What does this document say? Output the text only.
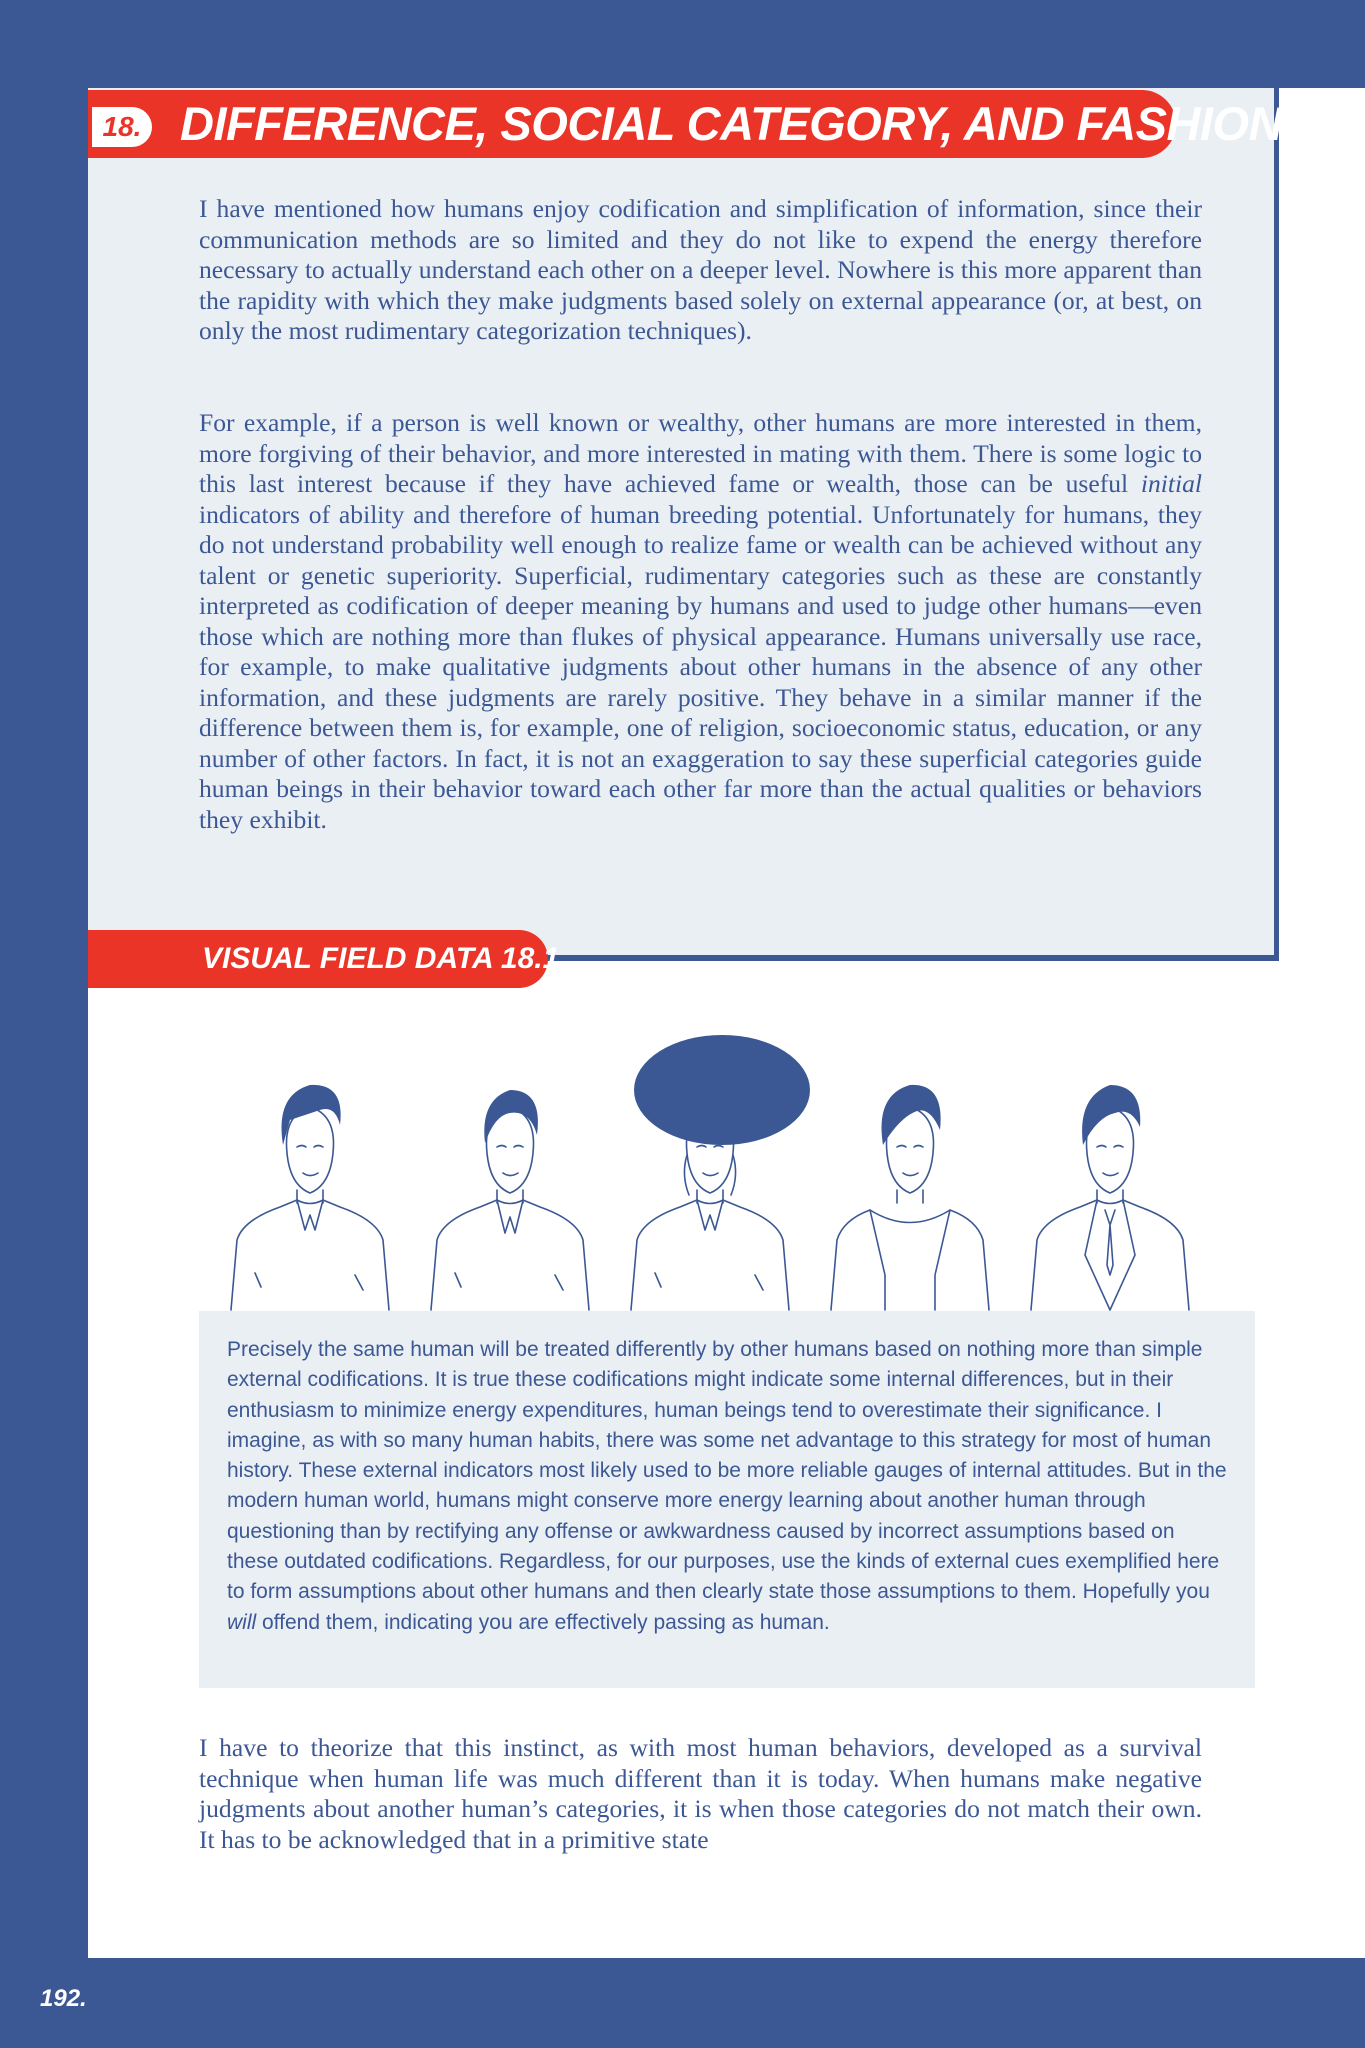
18. DIFFERENCE, SOCIAL CATEGORY, AND FASHION

I have mentioned how humans enjoy codification and simplification of information, since their communication methods are so limited and they do not like to expend the energy therefore necessary to actually understand each other on a deeper level. Nowhere is this more apparent than the rapidity with which they make judgments based solely on external appearance (or, at best, on only the most rudimentary categorization techniques).

For example, if a person is well known or wealthy, other humans are more interested in them, more forgiving of their behavior, and more interested in mating with them. There is some logic to this last interest because if they have achieved fame or wealth, those can be useful initial indicators of ability and therefore of human breeding potential. Unfortunately for humans, they do not understand probability well enough to realize fame or wealth can be achieved without any talent or genetic superiority. Superficial, rudimentary categories such as these are constantly interpreted as codification of deeper meaning by humans and used to judge other humans—even those which are nothing more than flukes of physical appearance. Humans universally use race, for example, to make qualitative judgments about other humans in the absence of any other information, and these judgments are rarely positive. They behave in a similar manner if the difference between them is, for example, one of religion, socioeconomic status, education, or any number of other factors. In fact, it is not an exaggeration to say these superficial categories guide human beings in their behavior toward each other far more than the actual qualities or behaviors they exhibit.

VISUAL FIELD DATA 18.1

Precisely the same human will be treated differently by other humans based on nothing more than simple external codifications. It is true these codifications might indicate some internal differences, but in their enthusiasm to minimize energy expenditures, human beings tend to overestimate their significance. I imagine, as with so many human habits, there was some net advantage to this strategy for most of human history. These external indicators most likely used to be more reliable gauges of internal attitudes. But in the modern human world, humans might conserve more energy learning about another human through questioning than by rectifying any offense or awkwardness caused by incorrect assumptions based on these outdated codifications. Regardless, for our purposes, use the kinds of external cues exemplified here to form assumptions about other humans and then clearly state those assumptions to them. Hopefully you will offend them, indicating you are effectively passing as human.

I have to theorize that this instinct, as with most human behaviors, developed as a survival technique when human life was much different than it is today. When humans make negative judgments about another human’s categories, it is when those categories do not match their own. It has to be acknowledged that in a primitive state

192.
